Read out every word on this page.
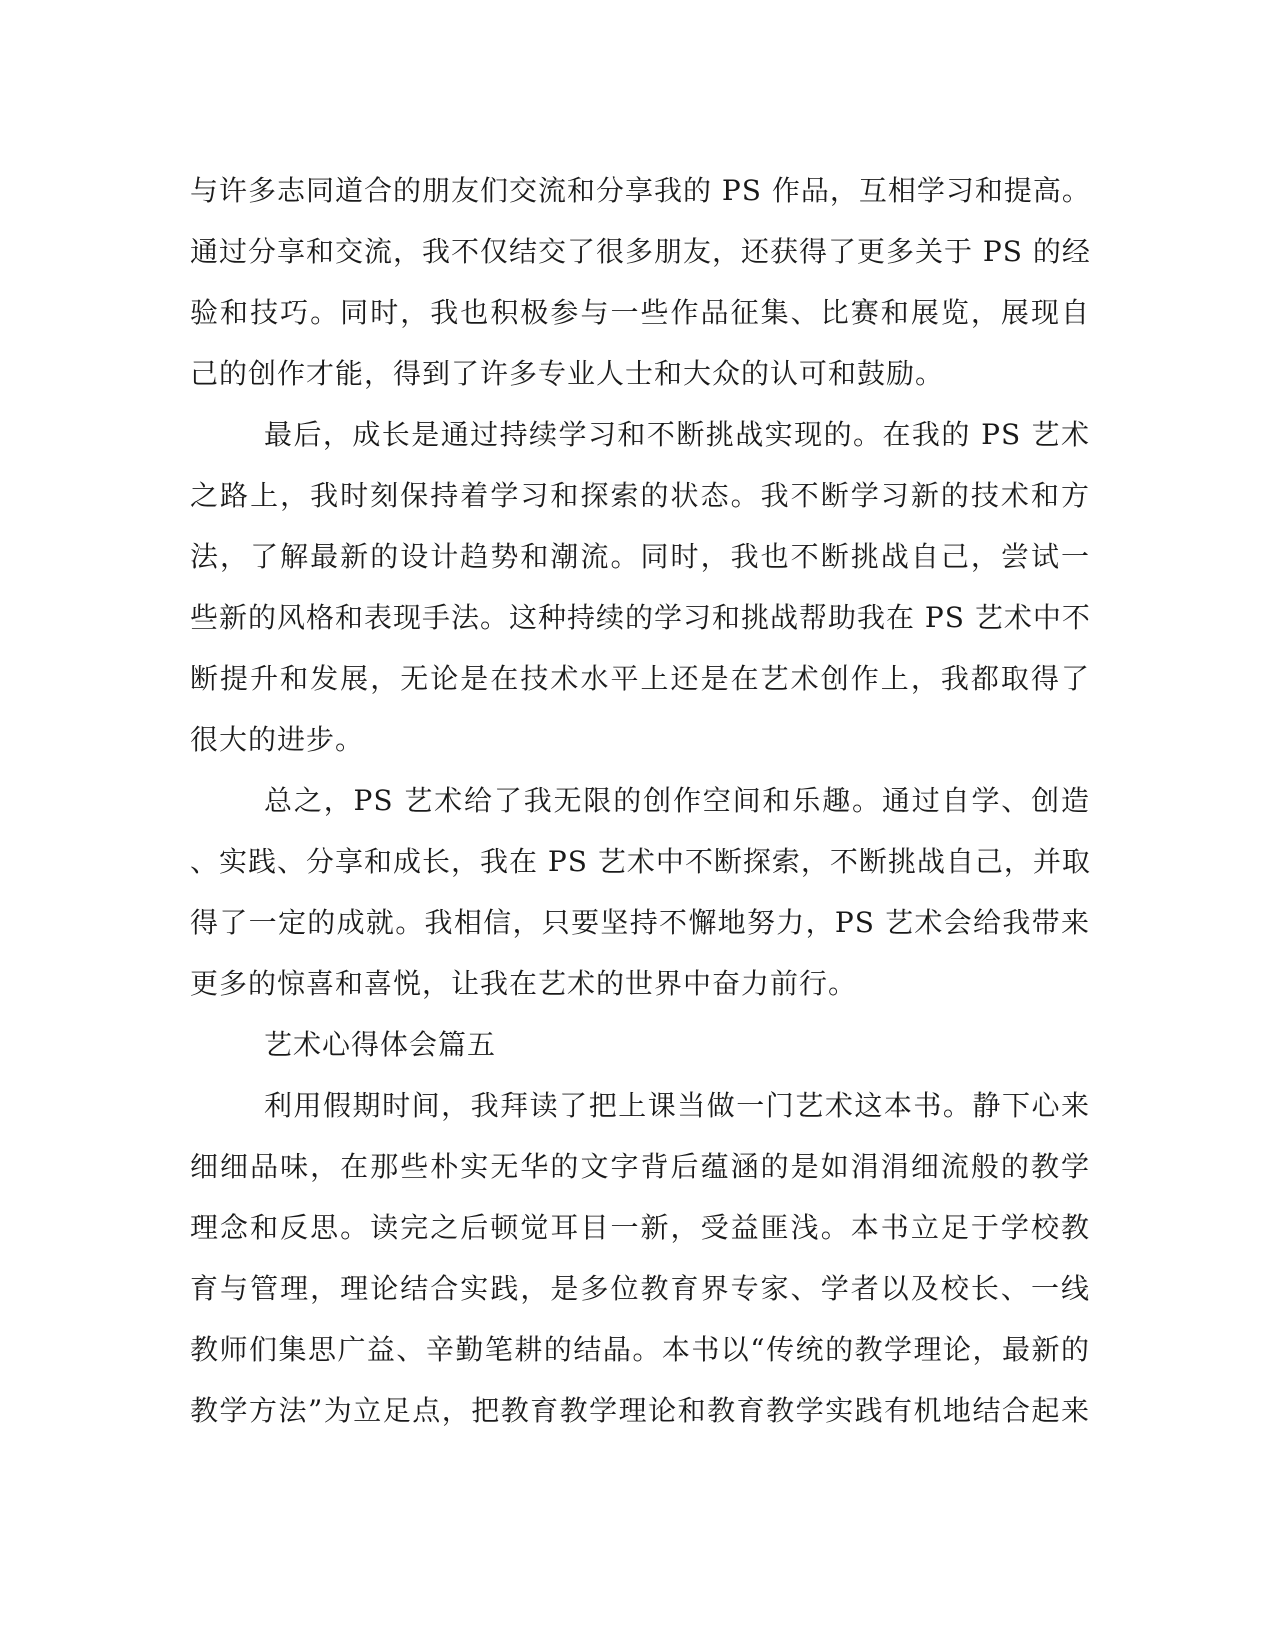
与许多志同道合的朋友们交流和分享我的 PS 作品，互相学习和提高。
通过分享和交流，我不仅结交了很多朋友，还获得了更多关于 PS 的经
验和技巧。同时，我也积极参与一些作品征集、比赛和展览，展现自
己的创作才能，得到了许多专业人士和大众的认可和鼓励。
最后，成长是通过持续学习和不断挑战实现的。在我的 PS 艺术
之路上，我时刻保持着学习和探索的状态。我不断学习新的技术和方
法，了解最新的设计趋势和潮流。同时，我也不断挑战自己，尝试一
些新的风格和表现手法。这种持续的学习和挑战帮助我在 PS 艺术中不
断提升和发展，无论是在技术水平上还是在艺术创作上，我都取得了
很大的进步。
总之，PS 艺术给了我无限的创作空间和乐趣。通过自学、创造
、实践、分享和成长，我在 PS 艺术中不断探索，不断挑战自己，并取
得了一定的成就。我相信，只要坚持不懈地努力，PS 艺术会给我带来
更多的惊喜和喜悦，让我在艺术的世界中奋力前行。
艺术心得体会篇五
利用假期时间，我拜读了把上课当做一门艺术这本书。静下心来
细细品味，在那些朴实无华的文字背后蕴涵的是如涓涓细流般的教学
理念和反思。读完之后顿觉耳目一新，受益匪浅。本书立足于学校教
育与管理，理论结合实践，是多位教育界专家、学者以及校长、一线
教师们集思广益、辛勤笔耕的结晶。本书以“传统的教学理论，最新的
教学方法”为立足点，把教育教学理论和教育教学实践有机地结合起来
